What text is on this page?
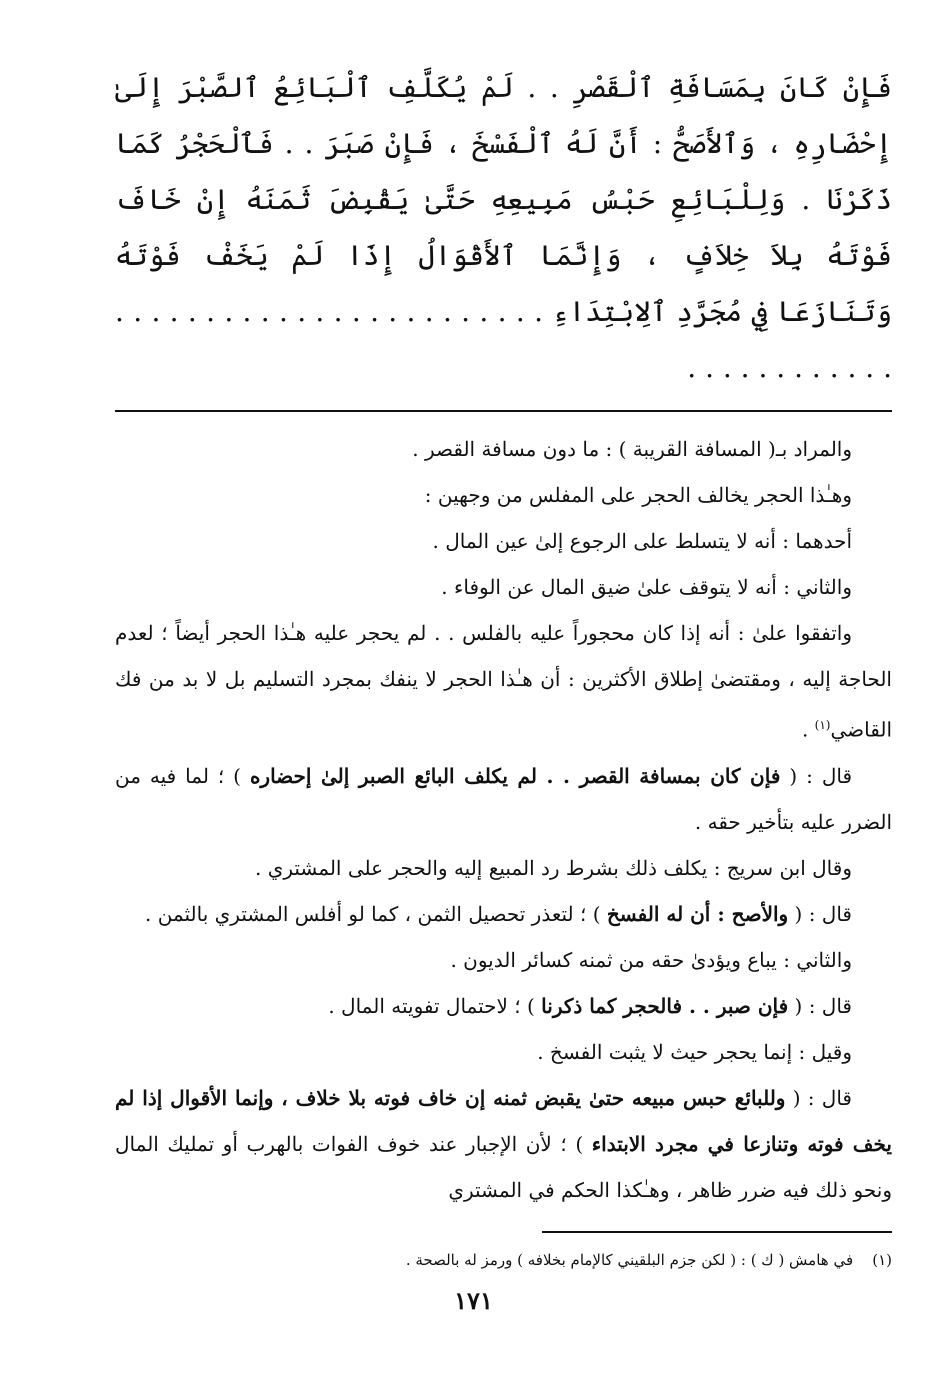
فَإِنْ كَانَ بِمَسَافَةِ ٱلْقَصْرِ . . لَمْ يُكَلَّفِ ٱلْبَائِعُ ٱلصَّبْرَ إِلَىٰ إِحْضَارِهِ ، وَٱلأَصَحُّ : أَنَّ لَهُ ٱلْفَسْخَ ، فَإِنْ صَبَرَ . . فَٱلْحَجْرُ كَمَا ذَكَرْنَا . وَلِلْبَائِعِ حَبْسُ مَبِيعِهِ حَتَّىٰ يَقْبِضَ ثَمَنَهُ إِنْ خَافَ فَوْتَهُ بِلاَ خِلاَفٍ ، وَإِنَّمَا ٱلأَقْوَالُ إِذَا لَمْ يَخَفْ فَوْتَهُ وَتَنَازَعَا فِي مُجَرَّدِ ٱلِابْتِدَاءِ . . . . . . . . . . . . . . . . . . . . . . . . . . . . . . . . . . . .

والمراد بـ( المسافة القريبة ) : ما دون مسافة القصر .

وهـٰذا الحجر يخالف الحجر على المفلس من وجهين :

أحدهما : أنه لا يتسلط على الرجوع إلىٰ عين المال .

والثاني : أنه لا يتوقف علىٰ ضيق المال عن الوفاء .

واتفقوا علىٰ : أنه إذا كان محجوراً عليه بالفلس . . لم يحجر عليه هـٰذا الحجر أيضاً ؛ لعدم الحاجة إليه ، ومقتضىٰ إطلاق الأكثرين : أن هـٰذا الحجر لا ينفك بمجرد التسليم بل لا بد من فك القاضي$^{(١)}$ .

قال : ( فإن كان بمسافة القصر . . لم يكلف البائع الصبر إلىٰ إحضاره ) ؛ لما فيه من الضرر عليه بتأخير حقه .

وقال ابن سريج : يكلف ذلك بشرط رد المبيع إليه والحجر على المشتري .

قال : ( والأصح : أن له الفسخ ) ؛ لتعذر تحصيل الثمن ، كما لو أفلس المشتري بالثمن .

والثاني : يباع ويؤدىٰ حقه من ثمنه كسائر الديون .

قال : ( فإن صبر . . فالحجر كما ذكرنا ) ؛ لاحتمال تفويته المال .

وقيل : إنما يحجر حيث لا يثبت الفسخ .

قال : ( وللبائع حبس مبيعه حتىٰ يقبض ثمنه إن خاف فوته بلا خلاف ، وإنما الأقوال إذا لم يخف فوته وتنازعا في مجرد الابتداء ) ؛ لأن الإجبار عند خوف الفوات بالهرب أو تمليك المال ونحو ذلك فيه ضرر ظاهر ، وهـٰكذا الحكم في المشتري

(١)    في هامش ( ك ) : ( لكن جزم البلقيني كالإمام بخلافه ) ورمز له بالصحة .

١٧١
